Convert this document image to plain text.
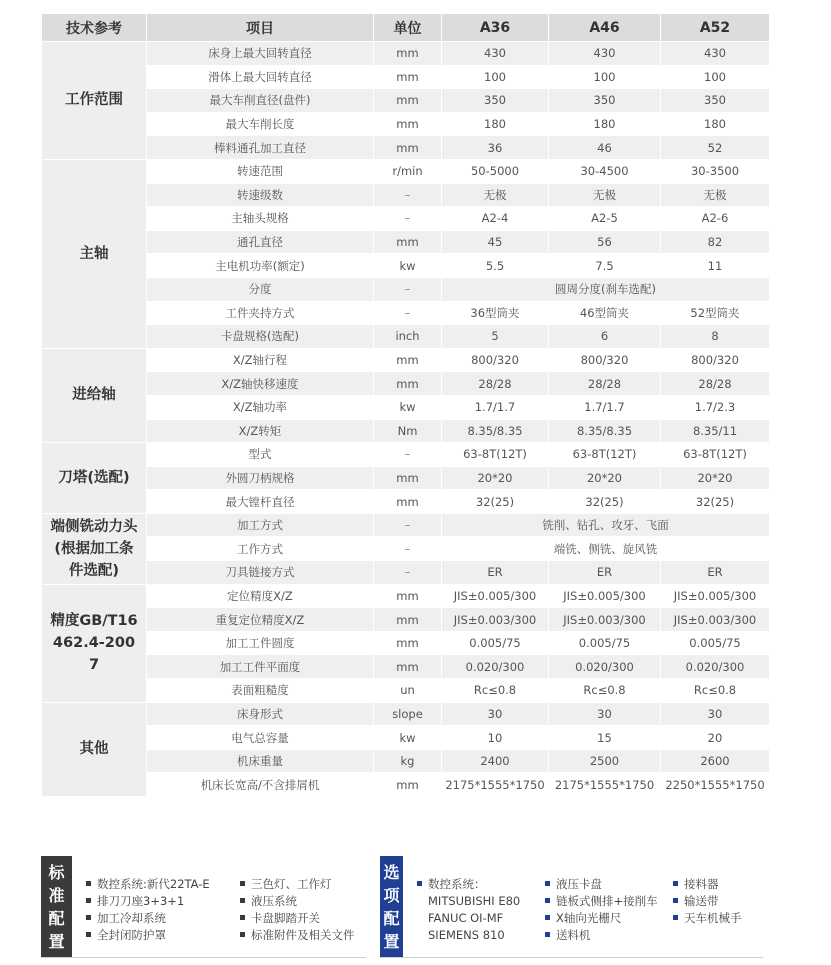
技术参考	项目	单位	A36	A46	A52
工作范围	床身上最大回转直径	mm	430	430	430
	滑体上最大回转直径	mm	100	100	100
	最大车削直径(盘件)	mm	350	350	350
	最大车削长度	mm	180	180	180
	棒料通孔加工直径	mm	36	46	52
主轴	转速范围	r/min	50-5000	30-4500	30-3500
	转速级数	–	无极	无极	无极
	主轴头规格	–	A2-4	A2-5	A2-6
	通孔直径	mm	45	56	82
	主电机功率(额定)	kw	5.5	7.5	11
	分度	–	圆周分度(刹车选配)		
	工件夹持方式	–	36型筒夹	46型筒夹	52型筒夹
	卡盘规格(选配)	inch	5	6	8
进给轴	X/Z轴行程	mm	800/320	800/320	800/320
	X/Z轴快移速度	mm	28/28	28/28	28/28
	X/Z轴功率	kw	1.7/1.7	1.7/1.7	1.7/2.3
	X/Z转矩	Nm	8.35/8.35	8.35/8.35	8.35/11
刀塔(选配)	型式	–	63-8T(12T)	63-8T(12T)	63-8T(12T)
	外圆刀柄规格	mm	20*20	20*20	20*20
	最大镗杆直径	mm	32(25)	32(25)	32(25)
端侧铣动力头(根据加工条件选配)	加工方式	–	铣削、钻孔、攻牙、飞面		
	工作方式	–	端铣、侧铣、旋风铣		
	刀具链接方式	–	ER	ER	ER
精度GB/T16462.4-2007	定位精度X/Z	mm	JIS±0.005/300	JIS±0.005/300	JIS±0.005/300
	重复定位精度X/Z	mm	JIS±0.003/300	JIS±0.003/300	JIS±0.003/300
	加工工件圆度	mm	0.005/75	0.005/75	0.005/75
	加工工件平面度	mm	0.020/300	0.020/300	0.020/300
	表面粗糙度	un	Rc≤0.8	Rc≤0.8	Rc≤0.8
其他	床身形式	slope	30	30	30
	电气总容量	kw	10	15	20
	机床重量	kg	2400	2500	2600
	机床长宽高/不含排屑机	mm	2175*1555*1750	2175*1555*1750	2250*1555*1750
标
准
配
置
数控系统:新代22TA-E
排刀刀座3+3+1
加工冷却系统
全封闭防护罩
三色灯、工作灯
液压系统
卡盘脚踏开关
标准附件及相关文件
选
项
配
置
数控系统：
MITSUBISHI E80
FANUC OI-MF
SIEMENS 810
液压卡盘
链板式侧排+接削车
X轴向光栅尺
送料机
接料器
输送带
天车机械手
